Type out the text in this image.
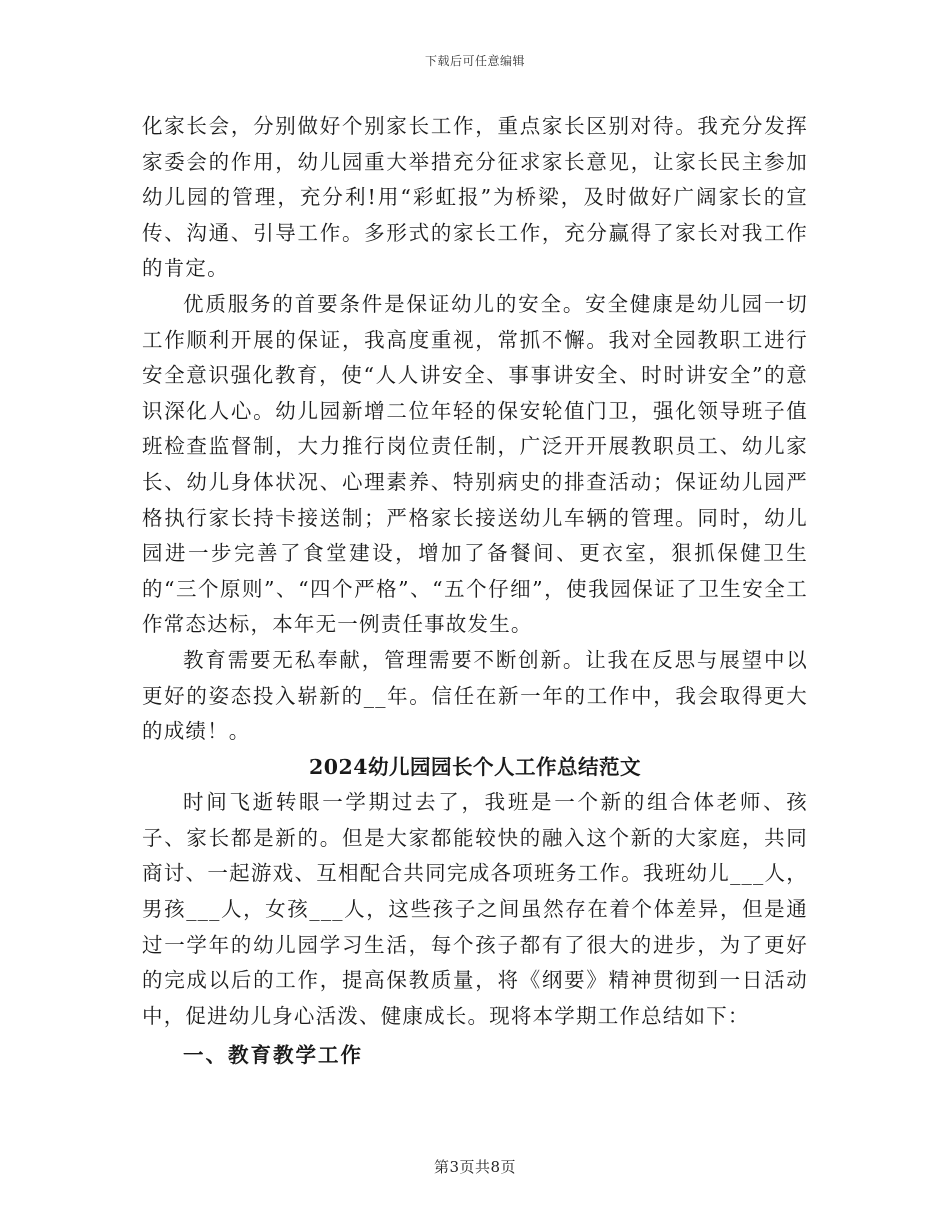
下载后可任意编辑

化家长会，分别做好个别家长工作，重点家长区别对待。我充分发挥家委会的作用，幼儿园重大举措充分征求家长意见，让家长民主参加幼儿园的管理，充分利!用“彩虹报”为桥梁，及时做好广阔家长的宣传、沟通、引导工作。多形式的家长工作，充分赢得了家长对我工作的肯定。

优质服务的首要条件是保证幼儿的安全。安全健康是幼儿园一切工作顺利开展的保证，我高度重视，常抓不懈。我对全园教职工进行安全意识强化教育，使“人人讲安全、事事讲安全、时时讲安全”的意识深化人心。幼儿园新增二位年轻的保安轮值门卫，强化领导班子值班检查监督制，大力推行岗位责任制，广泛开开展教职员工、幼儿家长、幼儿身体状况、心理素养、特别病史的排查活动；保证幼儿园严格执行家长持卡接送制；严格家长接送幼儿车辆的管理。同时，幼儿园进一步完善了食堂建设，增加了备餐间、更衣室，狠抓保健卫生的“三个原则”、“四个严格”、“五个仔细”，使我园保证了卫生安全工作常态达标，本年无一例责任事故发生。

教育需要无私奉献，管理需要不断创新。让我在反思与展望中以更好的姿态投入崭新的__年。信任在新一年的工作中，我会取得更大的成绩！。

2024幼儿园园长个人工作总结范文

时间飞逝转眼一学期过去了，我班是一个新的组合体老师、孩子、家长都是新的。但是大家都能较快的融入这个新的大家庭，共同商讨、一起游戏、互相配合共同完成各项班务工作。我班幼儿___人，男孩___人，女孩___人，这些孩子之间虽然存在着个体差异，但是通过一学年的幼儿园学习生活，每个孩子都有了很大的进步，为了更好的完成以后的工作，提高保教质量，将《纲要》精神贯彻到一日活动中，促进幼儿身心活泼、健康成长。现将本学期工作总结如下：

一、教育教学工作

第3页共8页
